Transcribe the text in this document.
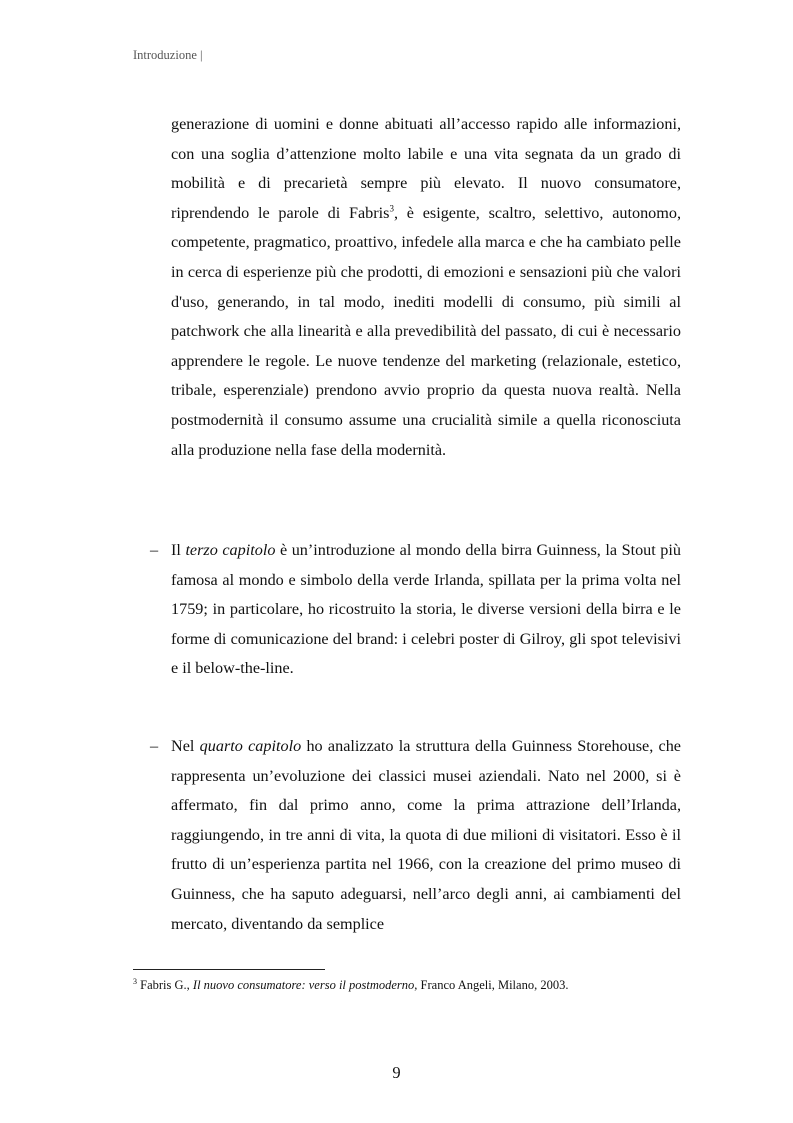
Introduzione |

generazione di uomini e donne abituati all’accesso rapido alle informazioni, con una soglia d’attenzione molto labile e una vita segnata da un grado di mobilità e di precarietà sempre più elevato. Il nuovo consumatore, riprendendo le parole di Fabris$^3$, è esigente, scaltro, selettivo, autonomo, competente, pragmatico, proattivo, infedele alla marca e che ha cambiato pelle in cerca di esperienze più che prodotti, di emozioni e sensazioni più che valori d'uso, generando, in tal modo, inediti modelli di consumo, più simili al patchwork che alla linearità e alla prevedibilità del passato, di cui è necessario apprendere le regole. Le nuove tendenze del marketing (relazionale, estetico, tribale, esperenziale) prendono avvio proprio da questa nuova realtà. Nella postmodernità il consumo assume una crucialità simile a quella riconosciuta alla produzione nella fase della modernità.

– Il terzo capitolo è un’introduzione al mondo della birra Guinness, la Stout più famosa al mondo e simbolo della verde Irlanda, spillata per la prima volta nel 1759; in particolare, ho ricostruito la storia, le diverse versioni della birra e le forme di comunicazione del brand: i celebri poster di Gilroy, gli spot televisivi e il below-the-line.

– Nel quarto capitolo ho analizzato la struttura della Guinness Storehouse, che rappresenta un’evoluzione dei classici musei aziendali. Nato nel 2000, si è affermato, fin dal primo anno, come la prima attrazione dell’Irlanda, raggiungendo, in tre anni di vita, la quota di due milioni di visitatori. Esso è il frutto di un’esperienza partita nel 1966, con la creazione del primo museo di Guinness, che ha saputo adeguarsi, nell’arco degli anni, ai cambiamenti del mercato, diventando da semplice

$^3$ Fabris G., Il nuovo consumatore: verso il postmoderno, Franco Angeli, Milano, 2003.
9
